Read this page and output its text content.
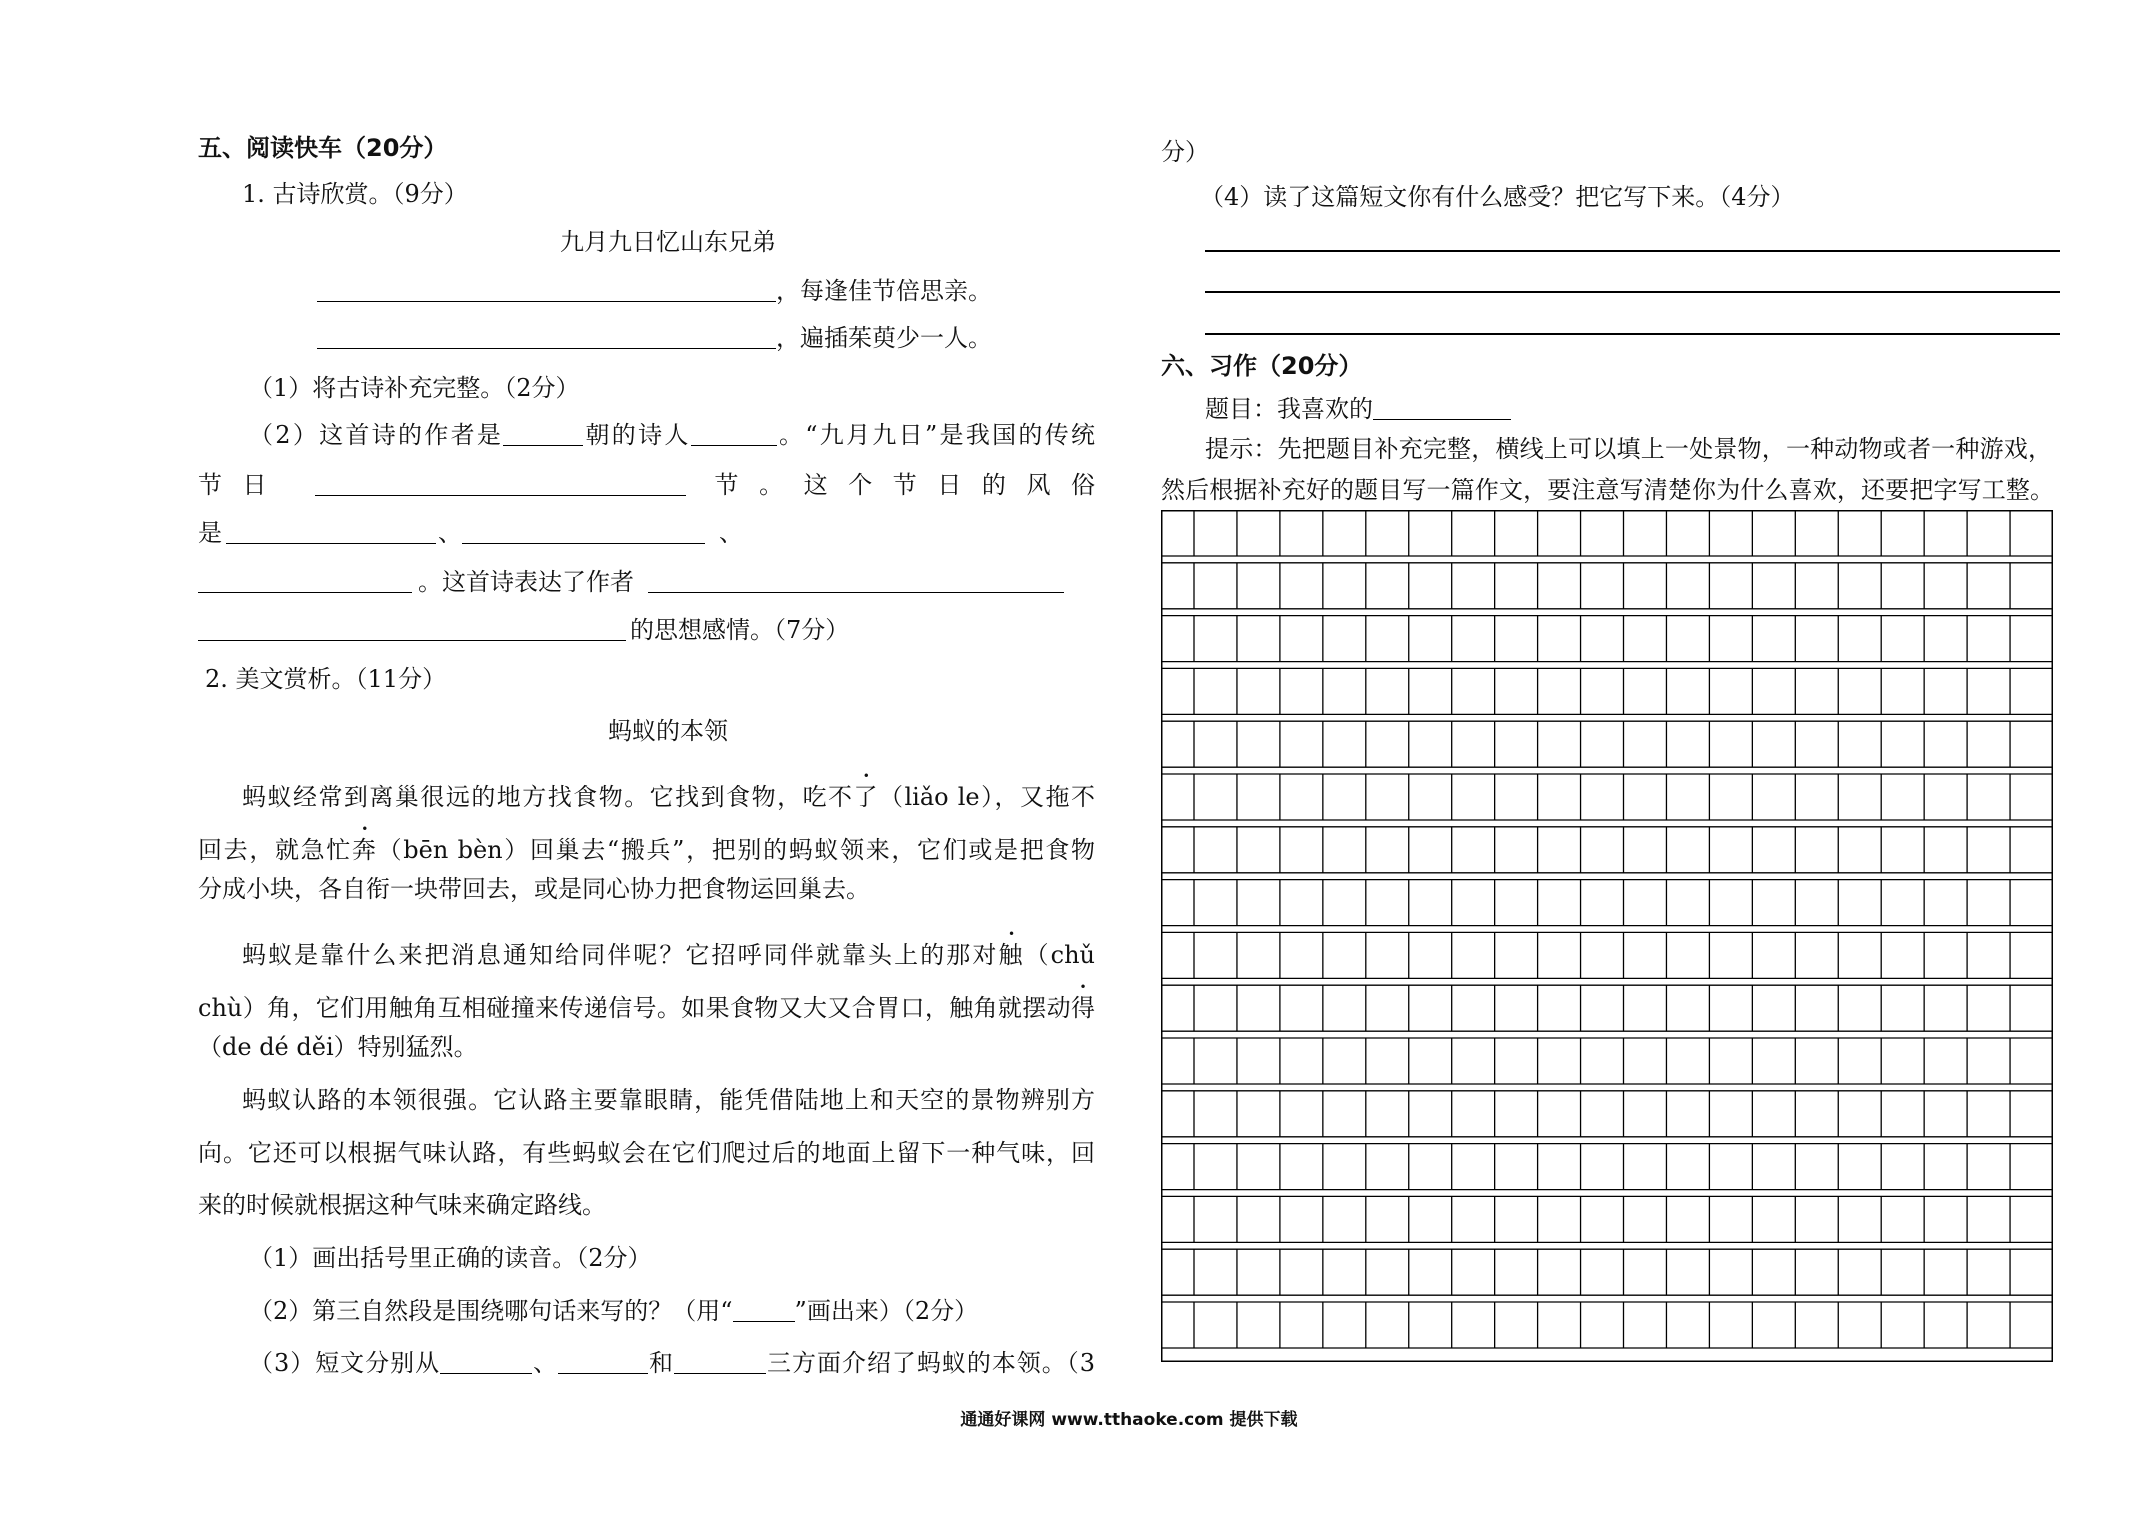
五、阅读快车（20分）
1. 古诗欣赏。（9分）
九月九日忆山东兄弟
，每逢佳节倍思亲。
，遍插茱萸少一人。
（1）将古诗补充完整。（2分）
（2）这首诗的作者是	朝的诗人	。“九月九日”是我国的传统
节日	节。这个节日的风俗
是	、	、
。这首诗表达了作者
的思想感情。（7分）
2. 美文赏析。（11分）
蚂蚁的本领
蚂蚁经常到离巢很远的地方找食物。它找到食物，吃不了（liǎo le），又拖不
回去，就急忙奔（bēn bèn）回巢去“搬兵”，把别的蚂蚁领来，它们或是把食物
分成小块，各自衔一块带回去，或是同心协力把食物运回巢去。
蚂蚁是靠什么来把消息通知给同伴呢？它招呼同伴就靠头上的那对触（chǔ
chù）角，它们用触角互相碰撞来传递信号。如果食物又大又合胃口，触角就摆动得
（de dé děi）特别猛烈。
蚂蚁认路的本领很强。它认路主要靠眼睛，能凭借陆地上和天空的景物辨别方
向。它还可以根据气味认路，有些蚂蚁会在它们爬过后的地面上留下一种气味，回
来的时候就根据这种气味来确定路线。
（1）画出括号里正确的读音。（2分）
（2）第三自然段是围绕哪句话来写的？（用“	”画出来）（2分）
（3）短文分别从	、	和	三方面介绍了蚂蚁的本领。（3
分）
（4）读了这篇短文你有什么感受？把它写下来。（4分）
六、习作（20分）
题目：我喜欢的
提示：先把题目补充完整，横线上可以填上一处景物，一种动物或者一种游戏，
然后根据补充好的题目写一篇作文，要注意写清楚你为什么喜欢，还要把字写工整。
通通好课网 www.tthaoke.com 提供下载
